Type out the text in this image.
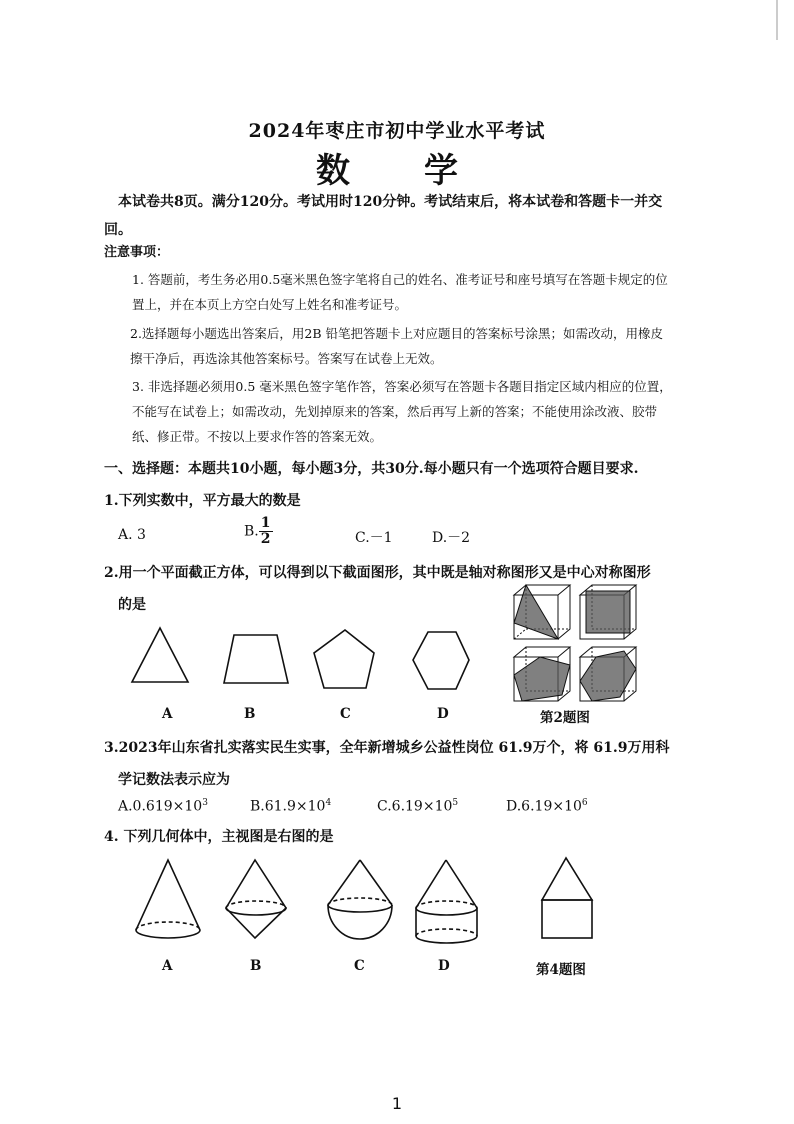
2024年枣庄市初中学业水平考试
数　学
本试卷共8页。满分120分。考试用时120分钟。考试结束后，将本试卷和答题卡一并交回。
注意事项：
1. 答题前，考生务必用0.5毫米黑色签字笔将自己的姓名、准考证号和座号填写在答题卡规定的位置上，并在本页上方空白处写上姓名和准考证号。
2.选择题每小题选出答案后，用2B 铅笔把答题卡上对应题目的答案标号涂黑；如需改动，用橡皮擦干净后，再选涂其他答案标号。答案写在试卷上无效。
3. 非选择题必须用0.5 毫米黑色签字笔作答，答案必须写在答题卡各题目指定区域内相应的位置，不能写在试卷上；如需改动，先划掉原来的答案，然后再写上新的答案；不能使用涂改液、胶带纸、修正带。不按以上要求作答的答案无效。
一、选择题：本题共10小题，每小题3分，共30分.每小题只有一个选项符合题目要求.
1.下列实数中，平方最大的数是
A. 3	B. $\frac{1}{2}$	C.－1	D.－2
2.用一个平面截正方体，可以得到以下截面图形，其中既是轴对称图形又是中心对称图形
的是
A	B	C	D	第2题图
3.2023年山东省扎实落实民生实事，全年新增城乡公益性岗位 61.9万个，将 61.9万用科
学记数法表示应为
$A.0.619\times 10^3$	$B.61.9\times 10^4$	$C.6.19\times 10^5$	$D.6.19\times 10^6$
4. 下列几何体中，主视图是右图的是
A	B	C	D	第4题图
1
